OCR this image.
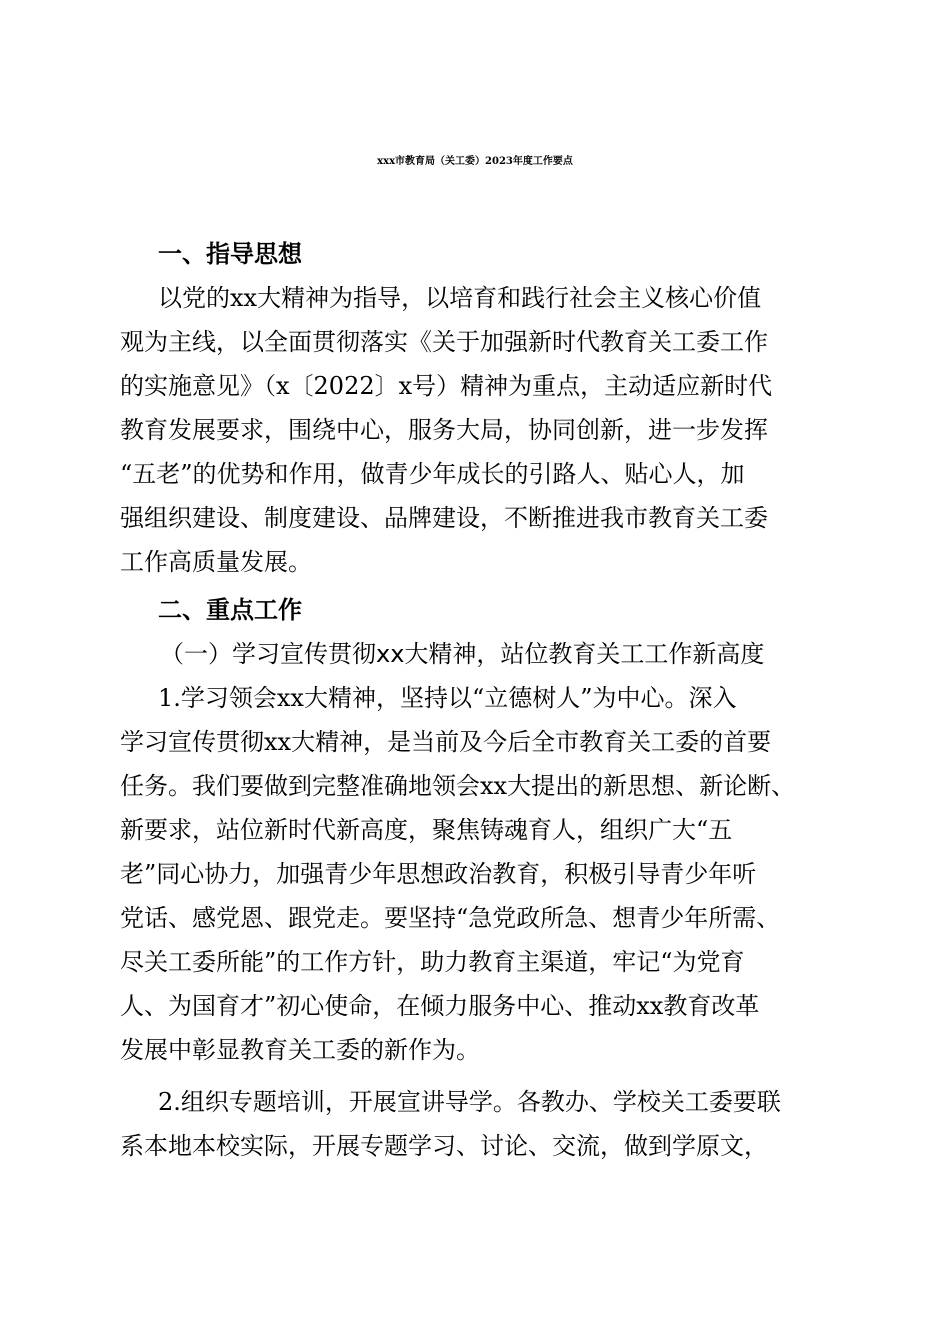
xxx市教育局（关工委）2023年度工作要点
一、指导思想
以党的xx大精神为指导，以培育和践行社会主义核心价值
观为主线，以全面贯彻落实《关于加强新时代教育关工委工作
的实施意见》（x〔2022〕x号）精神为重点，主动适应新时代
教育发展要求，围绕中心，服务大局，协同创新，进一步发挥
“五老”的优势和作用，做青少年成长的引路人、贴心人，加
强组织建设、制度建设、品牌建设，不断推进我市教育关工委
工作高质量发展。
二、重点工作
（一）学习宣传贯彻xx大精神，站位教育关工工作新高度
1.学习领会xx大精神，坚持以“立德树人”为中心。深入
学习宣传贯彻xx大精神，是当前及今后全市教育关工委的首要
任务。我们要做到完整准确地领会xx大提出的新思想、新论断、
新要求，站位新时代新高度，聚焦铸魂育人，组织广大“五
老”同心协力，加强青少年思想政治教育，积极引导青少年听
党话、感党恩、跟党走。要坚持“急党政所急、想青少年所需、
尽关工委所能”的工作方针，助力教育主渠道，牢记“为党育
人、为国育才”初心使命，在倾力服务中心、推动xx教育改革
发展中彰显教育关工委的新作为。
2.组织专题培训，开展宣讲导学。各教办、学校关工委要联
系本地本校实际，开展专题学习、讨论、交流，做到学原文，
